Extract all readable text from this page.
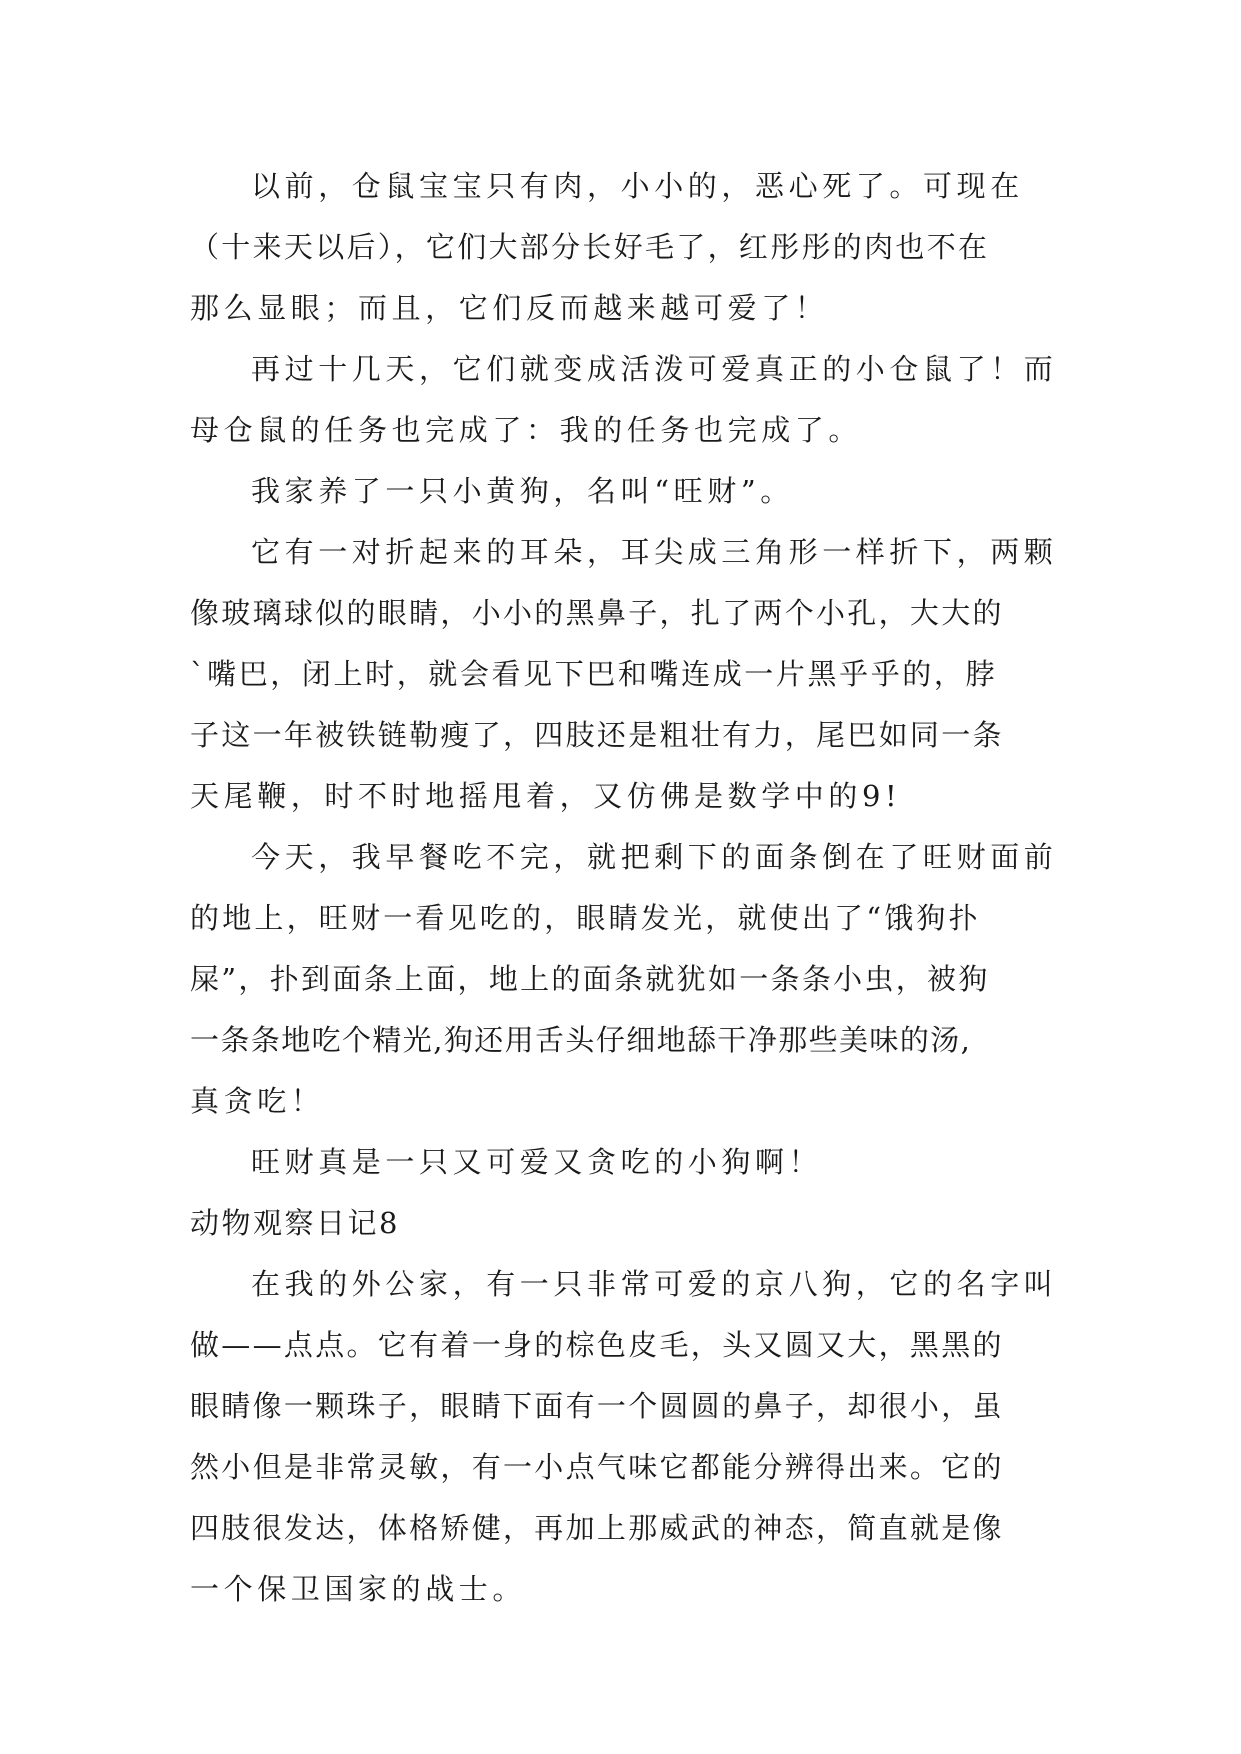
以前，仓鼠宝宝只有肉，小小的，恶心死了。可现在
（十来天以后），它们大部分长好毛了，红彤彤的肉也不在
那么显眼；而且，它们反而越来越可爱了！
再过十几天，它们就变成活泼可爱真正的小仓鼠了！而
母仓鼠的任务也完成了：我的任务也完成了。
我家养了一只小黄狗，名叫“旺财”。
它有一对折起来的耳朵，耳尖成三角形一样折下，两颗
像玻璃球似的眼睛，小小的黑鼻子，扎了两个小孔，大大的
`嘴巴，闭上时，就会看见下巴和嘴连成一片黑乎乎的，脖
子这一年被铁链勒瘦了，四肢还是粗壮有力，尾巴如同一条
天尾鞭，时不时地摇甩着，又仿佛是数学中的9!
今天，我早餐吃不完，就把剩下的面条倒在了旺财面前
的地上，旺财一看见吃的，眼睛发光，就使出了“饿狗扑
屎”，扑到面条上面，地上的面条就犹如一条条小虫，被狗
一条条地吃个精光,狗还用舌头仔细地舔干净那些美味的汤,
真贪吃！
旺财真是一只又可爱又贪吃的小狗啊！
动物观察日记8
在我的外公家，有一只非常可爱的京八狗，它的名字叫
做——点点。它有着一身的棕色皮毛，头又圆又大，黑黑的
眼睛像一颗珠子，眼睛下面有一个圆圆的鼻子，却很小，虽
然小但是非常灵敏，有一小点气味它都能分辨得出来。它的
四肢很发达，体格矫健，再加上那威武的神态，简直就是像
一个保卫国家的战士。
